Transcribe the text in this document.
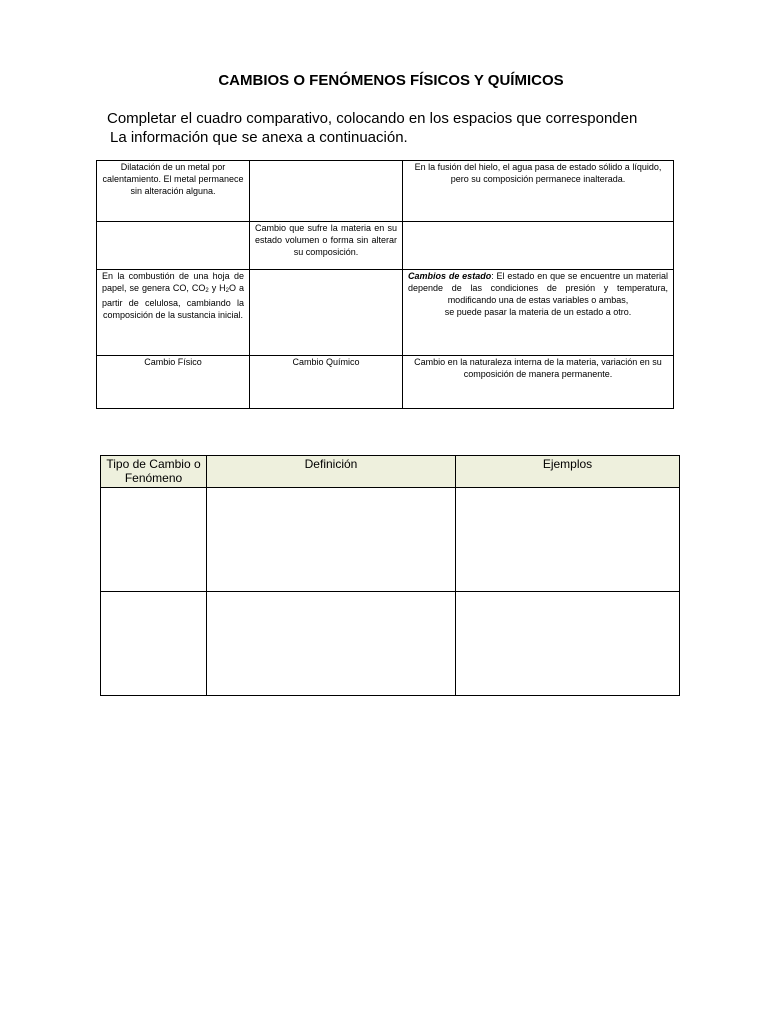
CAMBIOS O FENÓMENOS FÍSICOS Y QUÍMICOS
Completar el cuadro comparativo, colocando en los espacios que corresponden
La información que se anexa a continuación.
Dilatación de un metal por calentamiento. El metal permanece sin alteración alguna.		En la fusión del hielo, el agua pasa de estado sólido a líquido, pero su composición permanece inalterada.

	Cambio que sufre la materia en su estado volumen o forma sin alterar su composición.	

En la combustión de una hoja de papel, se genera CO, CO2 y H2O a partir de celulosa, cambiando la composición de la sustancia inicial.		Cambios de estado: El estado en que se encuentre un material depende de las condiciones de presión y temperatura, modificando una de estas variables o ambas,
se puede pasar la materia de un estado a otro.

Cambio Físico	Cambio Químico	Cambio en la naturaleza interna de la materia, variación en su composición de manera permanente.
Tipo de Cambio o Fenómeno	Definición	Ejemplos
